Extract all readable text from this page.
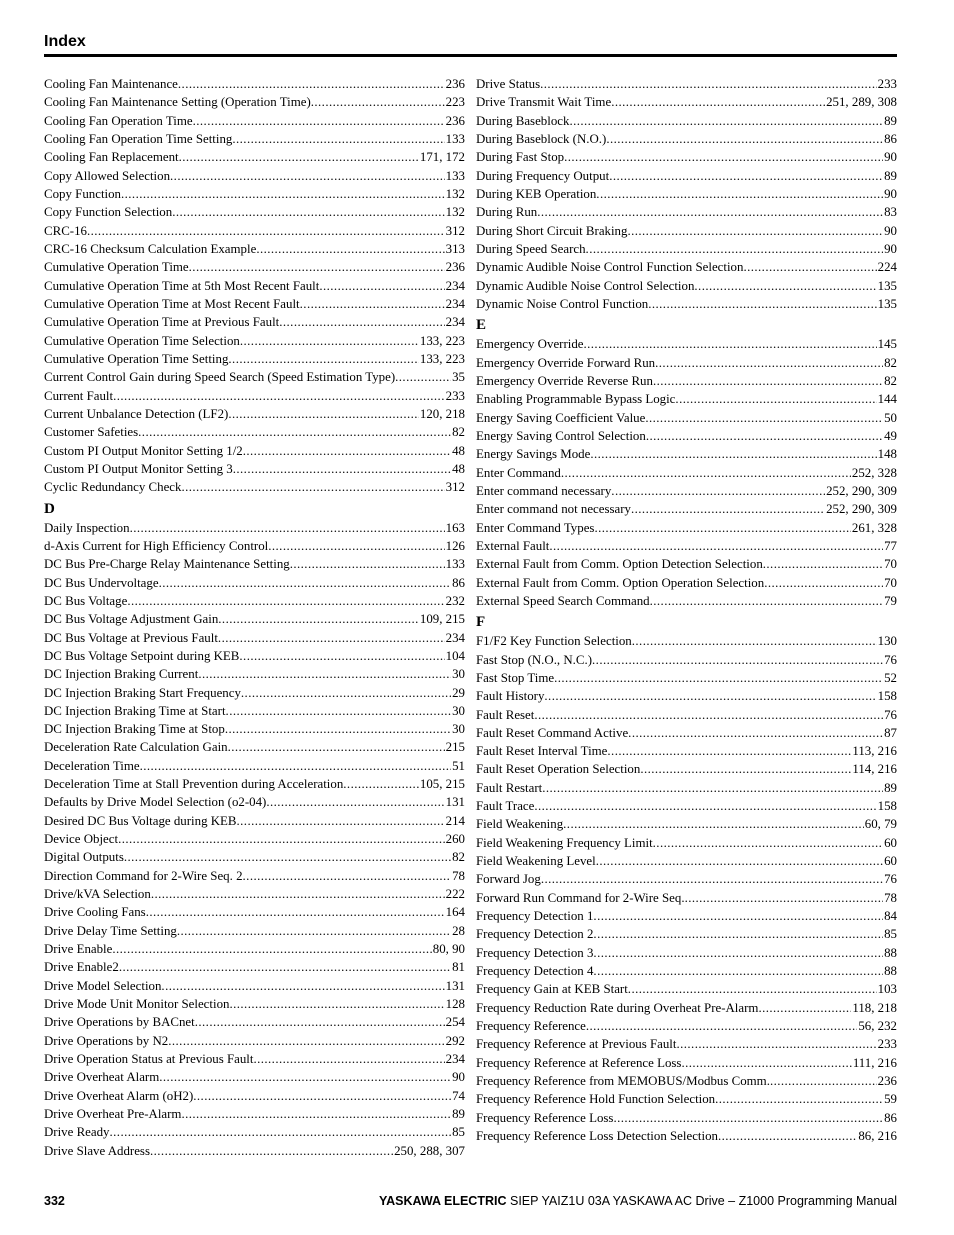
Index
Cooling Fan Maintenance . . .	236
Cooling Fan Maintenance Setting (Operation Time) . . .	223
Cooling Fan Operation Time . . .	236
Cooling Fan Operation Time Setting . . .	133
Cooling Fan Replacement . . .	171, 172
Copy Allowed Selection . . .	133
Copy Function . . .	132
Copy Function Selection . . .	132
CRC-16 . . .	312
CRC-16 Checksum Calculation Example . . .	313
Cumulative Operation Time . . .	236
Cumulative Operation Time at 5th Most Recent Fault . . .	234
Cumulative Operation Time at Most Recent Fault . . .	234
Cumulative Operation Time at Previous Fault . . .	234
Cumulative Operation Time Selection . . .	133, 223
Cumulative Operation Time Setting . . .	133, 223
Current Control Gain during Speed Search (Speed Estimation Type) . . .	35
Current Fault . . .	233
Current Unbalance Detection (LF2) . . .	120, 218
Customer Safeties . . .	82
Custom PI Output Monitor Setting 1/2 . . .	48
Custom PI Output Monitor Setting 3 . . .	48
Cyclic Redundancy Check . . .	312
D
Daily Inspection . . .	163
d-Axis Current for High Efficiency Control . . .	126
DC Bus Pre-Charge Relay Maintenance Setting . . .	133
DC Bus Undervoltage . . .	86
DC Bus Voltage . . .	232
DC Bus Voltage Adjustment Gain . . .	109, 215
DC Bus Voltage at Previous Fault . . .	234
DC Bus Voltage Setpoint during KEB . . .	104
DC Injection Braking Current . . .	30
DC Injection Braking Start Frequency . . .	29
DC Injection Braking Time at Start . . .	30
DC Injection Braking Time at Stop . . .	30
Deceleration Rate Calculation Gain . . .	215
Deceleration Time . . .	51
Deceleration Time at Stall Prevention during Acceleration . . .	105, 215
Defaults by Drive Model Selection (o2-04) . . .	131
Desired DC Bus Voltage during KEB . . .	214
Device Object . . .	260
Digital Outputs . . .	82
Direction Command for 2-Wire Seq. 2 . . .	78
Drive/kVA Selection . . .	222
Drive Cooling Fans . . .	164
Drive Delay Time Setting . . .	28
Drive Enable . . .	80, 90
Drive Enable2 . . .	81
Drive Model Selection . . .	131
Drive Mode Unit Monitor Selection . . .	128
Drive Operations by BACnet . . .	254
Drive Operations by N2 . . .	292
Drive Operation Status at Previous Fault . . .	234
Drive Overheat Alarm . . .	90
Drive Overheat Alarm (oH2) . . .	74
Drive Overheat Pre-Alarm . . .	89
Drive Ready . . .	85
Drive Slave Address . . .	250, 288, 307
Drive Status . . .	233
Drive Transmit Wait Time . . .	251, 289, 308
During Baseblock . . .	89
During Baseblock (N.O.) . . .	86
During Fast Stop . . .	90
During Frequency Output . . .	89
During KEB Operation . . .	90
During Run . . .	83
During Short Circuit Braking . . .	90
During Speed Search . . .	90
Dynamic Audible Noise Control Function Selection . . .	224
Dynamic Audible Noise Control Selection . . .	135
Dynamic Noise Control Function . . .	135
E
Emergency Override . . .	145
Emergency Override Forward Run . . .	82
Emergency Override Reverse Run . . .	82
Enabling Programmable Bypass Logic . . .	144
Energy Saving Coefficient Value . . .	50
Energy Saving Control Selection . . .	49
Energy Savings Mode . . .	148
Enter Command . . .	252, 328
Enter command necessary . . .	252, 290, 309
Enter command not necessary . . .	252, 290, 309
Enter Command Types . . .	261, 328
External Fault . . .	77
External Fault from Comm. Option Detection Selection . . .	70
External Fault from Comm. Option Operation Selection . . .	70
External Speed Search Command . . .	79
F
F1/F2 Key Function Selection . . .	130
Fast Stop (N.O., N.C.) . . .	76
Fast Stop Time . . .	52
Fault History . . .	158
Fault Reset . . .	76
Fault Reset Command Active . . .	87
Fault Reset Interval Time . . .	113, 216
Fault Reset Operation Selection . . .	114, 216
Fault Restart . . .	89
Fault Trace . . .	158
Field Weakening . . .	60, 79
Field Weakening Frequency Limit . . .	60
Field Weakening Level . . .	60
Forward Jog . . .	76
Forward Run Command for 2-Wire Seq. . . .	78
Frequency Detection 1 . . .	84
Frequency Detection 2 . . .	85
Frequency Detection 3 . . .	88
Frequency Detection 4 . . .	88
Frequency Gain at KEB Start . . .	103
Frequency Reduction Rate during Overheat Pre-Alarm . . .	118, 218
Frequency Reference . . .	56, 232
Frequency Reference at Previous Fault . . .	233
Frequency Reference at Reference Loss . . .	111, 216
Frequency Reference from MEMOBUS/Modbus Comm. . . .	236
Frequency Reference Hold Function Selection . . .	59
Frequency Reference Loss . . .	86
Frequency Reference Loss Detection Selection . . .	86, 216
332	YASKAWA ELECTRIC SIEP YAIZ1U 03A YASKAWA AC Drive – Z1000 Programming Manual
